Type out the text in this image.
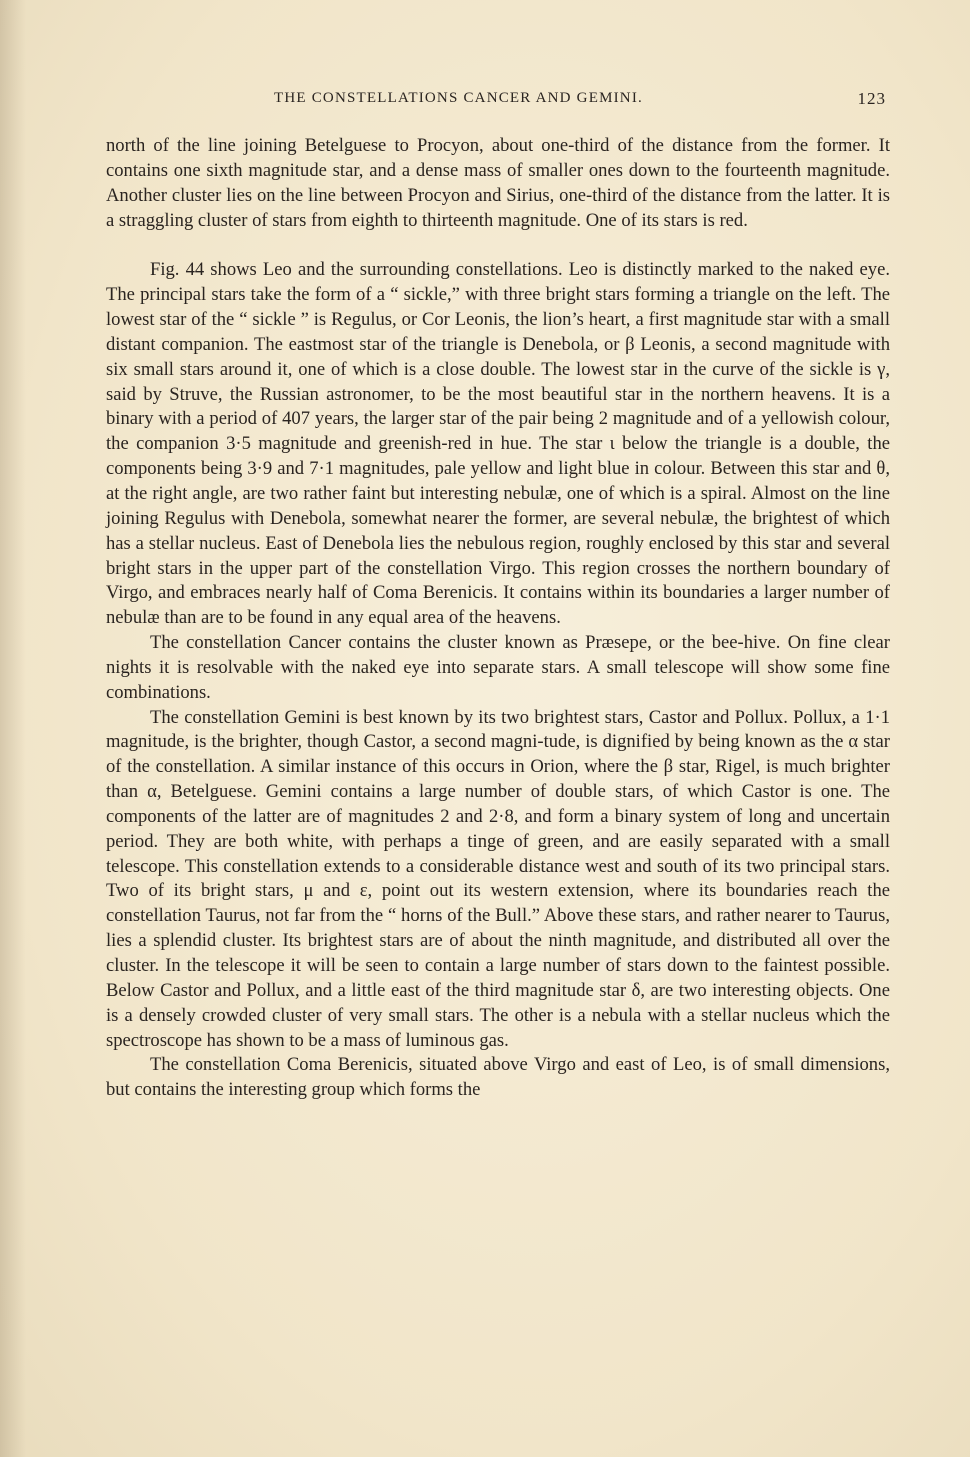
THE CONSTELLATIONS CANCER AND GEMINI.	123

north of the line joining Betelguese to Procyon, about one-third of the distance from the former. It contains one sixth magnitude star, and a dense mass of smaller ones down to the fourteenth magnitude. Another cluster lies on the line between Procyon and Sirius, one-third of the distance from the latter. It is a straggling cluster of stars from eighth to thirteenth magnitude. One of its stars is red.

Fig. 44 shows Leo and the surrounding constellations. Leo is distinctly marked to the naked eye. The principal stars take the form of a “ sickle,” with three bright stars forming a triangle on the left. The lowest star of the “ sickle ” is Regulus, or Cor Leonis, the lion’s heart, a first magnitude star with a small distant companion. The eastmost star of the triangle is Denebola, or β Leonis, a second magnitude with six small stars around it, one of which is a close double. The lowest star in the curve of the sickle is γ, said by Struve, the Russian astronomer, to be the most beautiful star in the northern heavens. It is a binary with a period of 407 years, the larger star of the pair being 2 magnitude and of a yellowish colour, the companion 3·5 magnitude and greenish-red in hue. The star ι below the triangle is a double, the components being 3·9 and 7·1 magnitudes, pale yellow and light blue in colour. Between this star and θ, at the right angle, are two rather faint but interesting nebulæ, one of which is a spiral. Almost on the line joining Regulus with Denebola, somewhat nearer the former, are several nebulæ, the brightest of which has a stellar nucleus. East of Denebola lies the nebulous region, roughly enclosed by this star and several bright stars in the upper part of the constellation Virgo. This region crosses the northern boundary of Virgo, and embraces nearly half of Coma Berenicis. It contains within its boundaries a larger number of nebulæ than are to be found in any equal area of the heavens.

The constellation Cancer contains the cluster known as Præsepe, or the bee-hive. On fine clear nights it is resolvable with the naked eye into separate stars. A small telescope will show some fine combinations.

The constellation Gemini is best known by its two brightest stars, Castor and Pollux. Pollux, a 1·1 magnitude, is the brighter, though Castor, a second magni-tude, is dignified by being known as the α star of the constellation. A similar instance of this occurs in Orion, where the β star, Rigel, is much brighter than α, Betelguese. Gemini contains a large number of double stars, of which Castor is one. The components of the latter are of magnitudes 2 and 2·8, and form a binary system of long and uncertain period. They are both white, with perhaps a tinge of green, and are easily separated with a small telescope. This constellation extends to a considerable distance west and south of its two principal stars. Two of its bright stars, μ and ε, point out its western extension, where its boundaries reach the constellation Taurus, not far from the “ horns of the Bull.” Above these stars, and rather nearer to Taurus, lies a splendid cluster. Its brightest stars are of about the ninth magnitude, and distributed all over the cluster. In the telescope it will be seen to contain a large number of stars down to the faintest possible. Below Castor and Pollux, and a little east of the third magnitude star δ, are two interesting objects. One is a densely crowded cluster of very small stars. The other is a nebula with a stellar nucleus which the spectroscope has shown to be a mass of luminous gas.

The constellation Coma Berenicis, situated above Virgo and east of Leo, is of small dimensions, but contains the interesting group which forms the
